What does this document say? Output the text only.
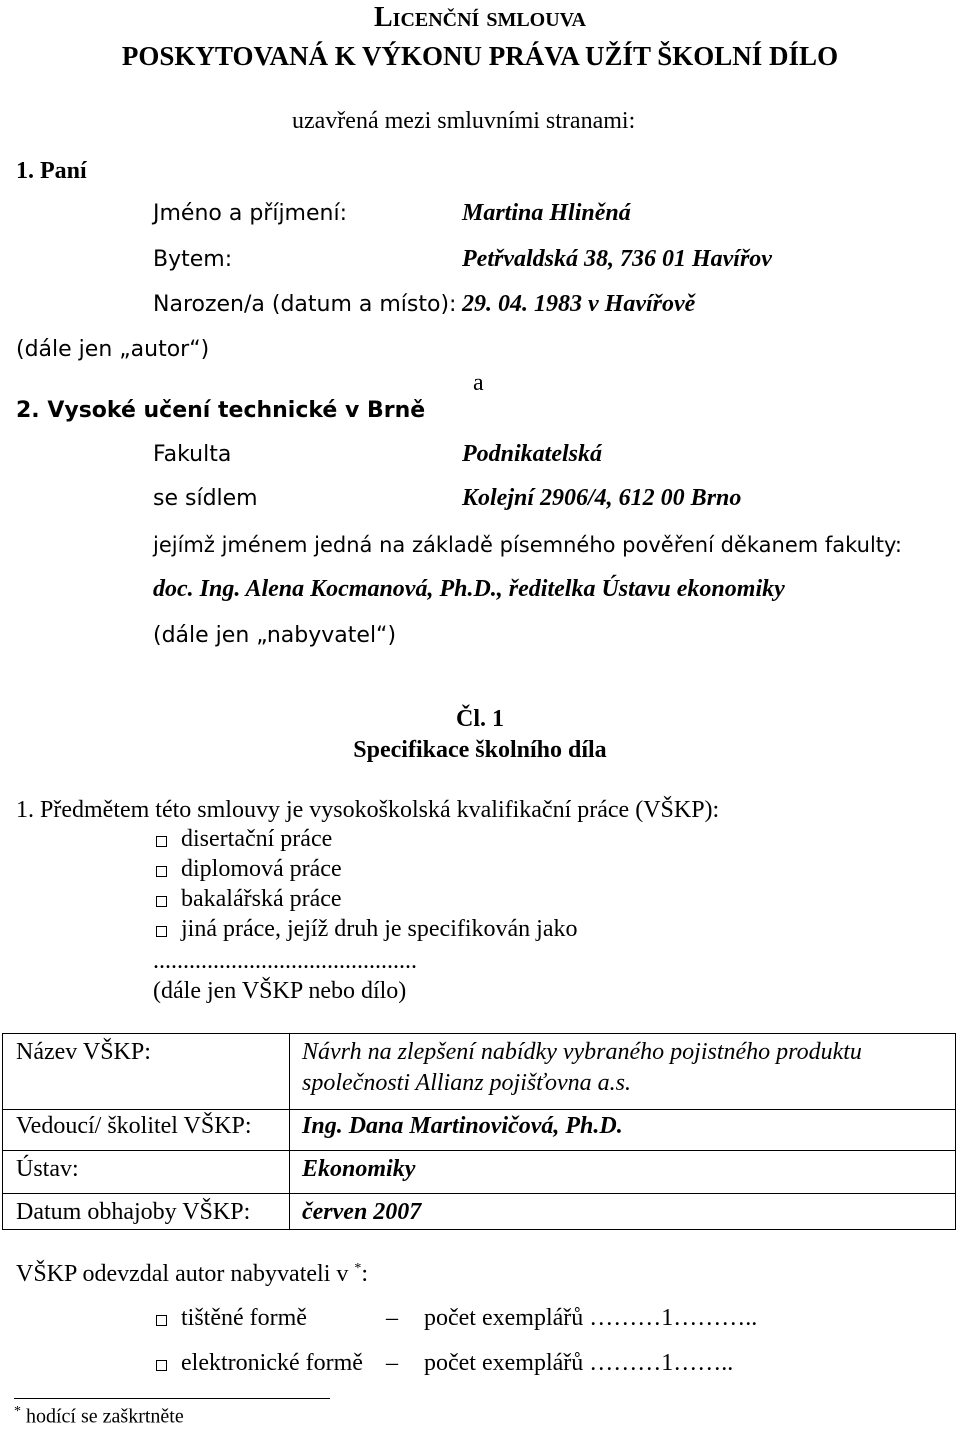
Licenční smlouva
POSKYTOVANÁ K VÝKONU PRÁVA UŽÍT ŠKOLNÍ DÍLO
uzavřená mezi smluvními stranami:
1. Paní
Jméno a příjmení:	Martina Hliněná
Bytem:	Petřvaldská 38, 736 01 Havířov
Narozen/a (datum a místo): 29. 04. 1983 v Havířově
(dále jen „autor“)
a
2. Vysoké učení technické v Brně
Fakulta	Podnikatelská
se sídlem	Kolejní 2906/4, 612 00 Brno
jejímž jménem jedná na základě písemného pověření děkanem fakulty:
doc. Ing. Alena Kocmanová, Ph.D., ředitelka Ústavu ekonomiky
(dále jen „nabyvatel“)
Čl. 1
Specifikace školního díla
1. Předmětem této smlouvy je vysokoškolská kvalifikační práce (VŠKP):
disertační práce
diplomová práce
bakalářská práce
jiná práce, jejíž druh je specifikován jako
............................................
(dále jen VŠKP nebo dílo)
Název VŠKP:	Návrh na zlepšení nabídky vybraného pojistného produktu
společnosti Allianz pojišťovna a.s.
Vedoucí/ školitel VŠKP: Ing. Dana Martinovičová, Ph.D.
Ústav:	Ekonomiky
Datum obhajoby VŠKP: červen 2007
VŠKP odevzdal autor nabyvateli v *:
tištěné formě	– počet exemplářů ………1………..
elektronické formě – počet exemplářů ………1……..
* hodící se zaškrtněte
